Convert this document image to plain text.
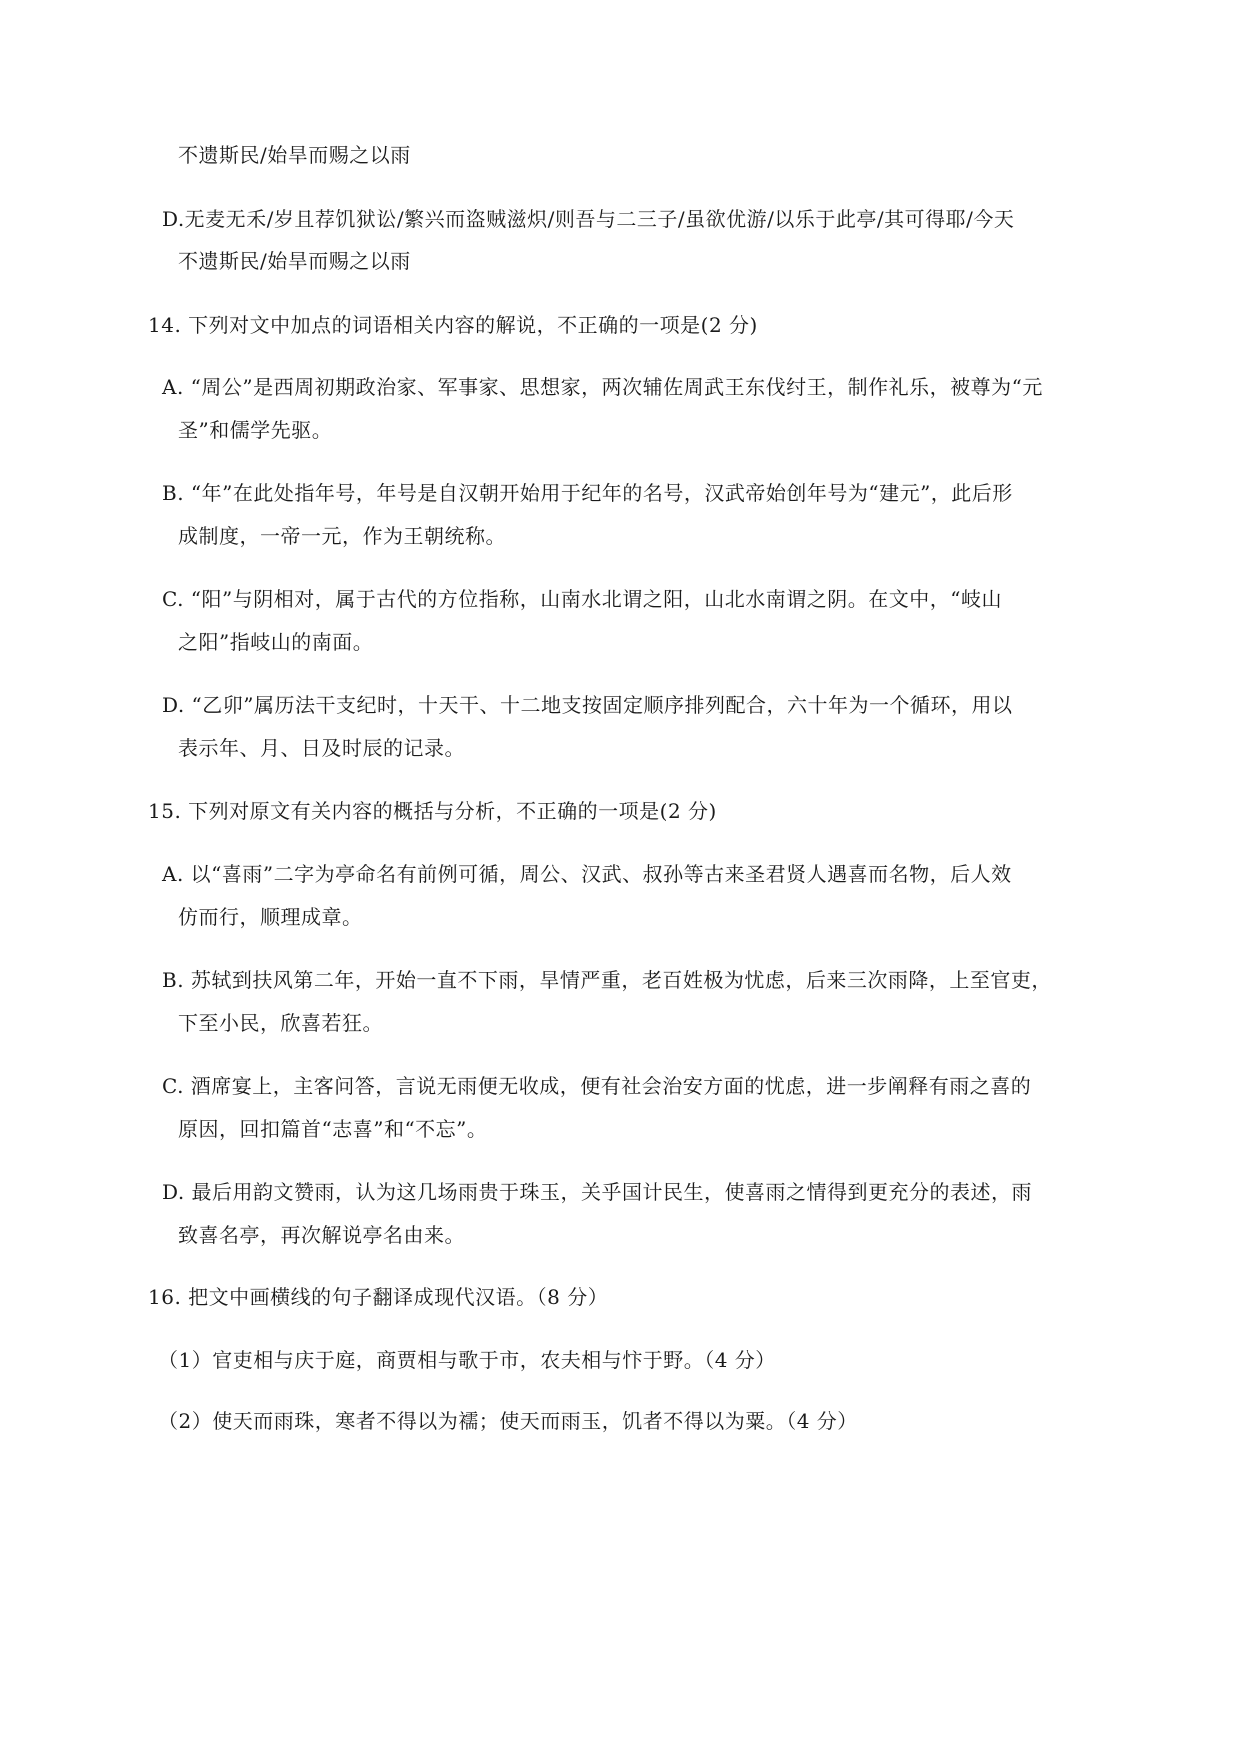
不遗斯民/始旱而赐之以雨
D.无麦无禾/岁且荐饥狱讼/繁兴而盗贼滋炽/则吾与二三子/虽欲优游/以乐于此亭/其可得耶/今天
不遗斯民/始旱而赐之以雨
14. 下列对文中加点的词语相关内容的解说，不正确的一项是(2 分)
A. “周公”是西周初期政治家、军事家、思想家，两次辅佐周武王东伐纣王，制作礼乐，被尊为“元
圣”和儒学先驱。
B. “年”在此处指年号，年号是自汉朝开始用于纪年的名号，汉武帝始创年号为“建元”，此后形
成制度，一帝一元，作为王朝统称。
C. “阳”与阴相对，属于古代的方位指称，山南水北谓之阳，山北水南谓之阴。在文中，“岐山
之阳”指岐山的南面。
D. “乙卯”属历法干支纪时，十天干、十二地支按固定顺序排列配合，六十年为一个循环，用以
表示年、月、日及时辰的记录。
15. 下列对原文有关内容的概括与分析，不正确的一项是(2 分)
A. 以“喜雨”二字为亭命名有前例可循，周公、汉武、叔孙等古来圣君贤人遇喜而名物，后人效
仿而行，顺理成章。
B. 苏轼到扶风第二年，开始一直不下雨，旱情严重，老百姓极为忧虑，后来三次雨降，上至官吏，
下至小民，欣喜若狂。
C. 酒席宴上，主客问答，言说无雨便无收成，便有社会治安方面的忧虑，进一步阐释有雨之喜的
原因，回扣篇首“志喜”和“不忘”。
D. 最后用韵文赞雨，认为这几场雨贵于珠玉，关乎国计民生，使喜雨之情得到更充分的表述，雨
致喜名亭，再次解说亭名由来。
16. 把文中画横线的句子翻译成现代汉语。（8 分）
（1）官吏相与庆于庭，商贾相与歌于市，农夫相与忭于野。（4 分）
（2）使天而雨珠，寒者不得以为襦；使天而雨玉，饥者不得以为粟。（4 分）
